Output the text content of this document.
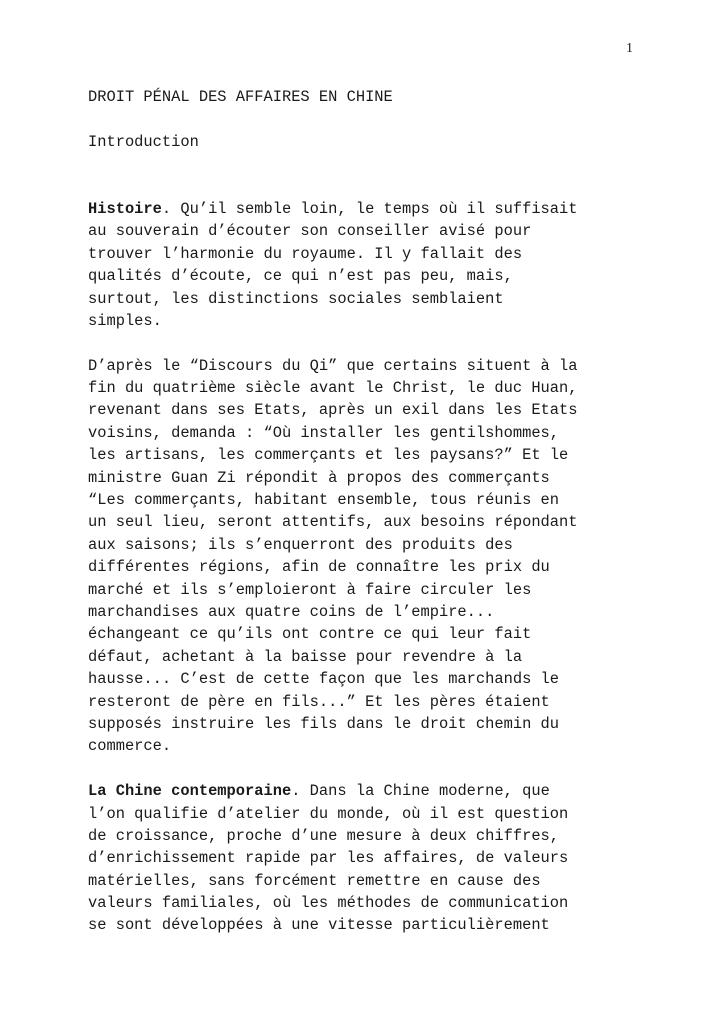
1

DROIT PÉNAL DES AFFAIRES EN CHINE

Introduction

Histoire. Qu’il semble loin, le temps où il suffisait

au souverain d’écouter son conseiller avisé pour

trouver l’harmonie du royaume. Il y fallait des

qualités d’écoute, ce qui n’est pas peu, mais,

surtout, les distinctions sociales semblaient

simples.

D’après le “Discours du Qi” que certains situent à la

fin du quatrième siècle avant le Christ, le duc Huan,

revenant dans ses Etats, après un exil dans les Etats

voisins, demanda : “Où installer les gentilshommes,

les artisans, les commerçants et les paysans?” Et le

ministre Guan Zi répondit à propos des commerçants

“Les commerçants, habitant ensemble, tous réunis en

un seul lieu, seront attentifs, aux besoins répondant

aux saisons; ils s’enquerront des produits des

différentes régions, afin de connaître les prix du

marché et ils s’emploieront à faire circuler les

marchandises aux quatre coins de l’empire...

échangeant ce qu’ils ont contre ce qui leur fait

défaut, achetant à la baisse pour revendre à la

hausse... C’est de cette façon que les marchands le

resteront de père en fils...” Et les pères étaient

supposés instruire les fils dans le droit chemin du

commerce.

La Chine contemporaine. Dans la Chine moderne, que

l’on qualifie d’atelier du monde, où il est question

de croissance, proche d’une mesure à deux chiffres,

d’enrichissement rapide par les affaires, de valeurs

matérielles, sans forcément remettre en cause des

valeurs familiales, où les méthodes de communication

se sont développées à une vitesse particulièrement
